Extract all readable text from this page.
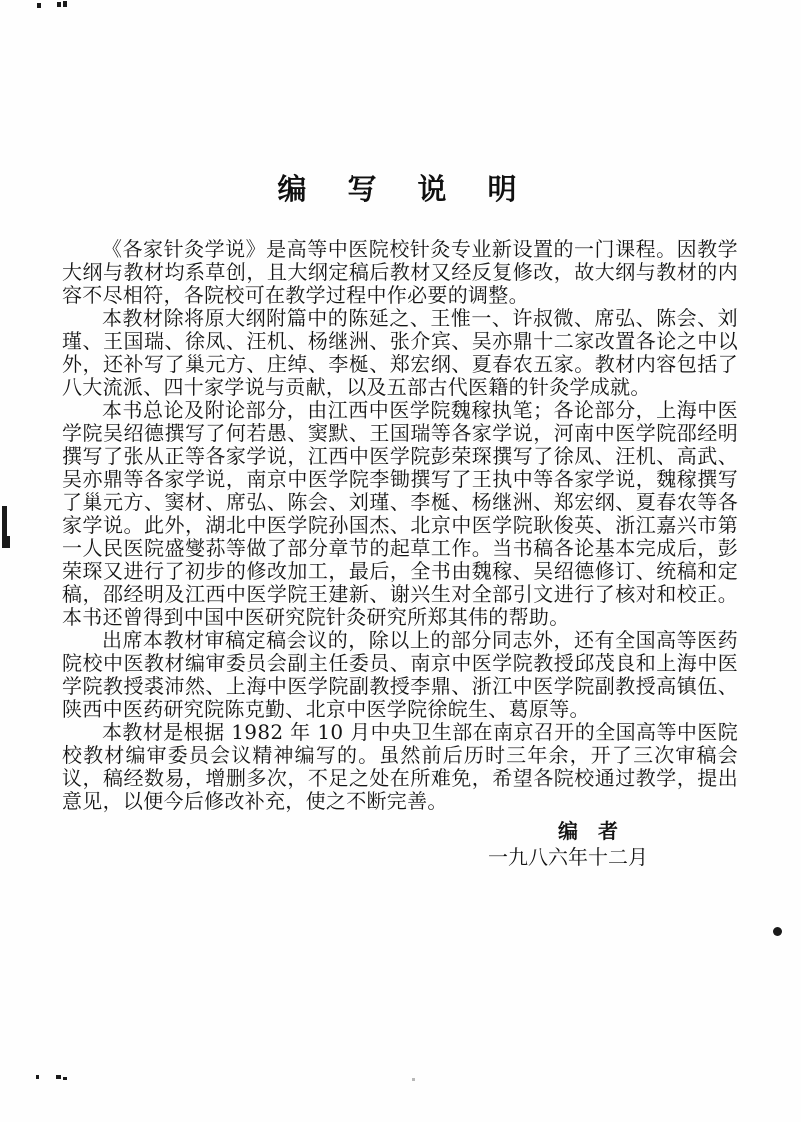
编　写　说　明

《各家针灸学说》是高等中医院校针灸专业新设置的一门课程。因教学大纲与教材均系草创，且大纲定稿后教材又经反复修改，故大纲与教材的内容不尽相符，各院校可在教学过程中作必要的调整。

本教材除将原大纲附篇中的陈延之、王惟一、许叔微、席弘、陈会、刘瑾、王国瑞、徐凤、汪机、杨继洲、张介宾、吴亦鼎十二家改置各论之中以外，还补写了巢元方、庄绰、李梴、郑宏纲、夏春农五家。教材内容包括了八大流派、四十家学说与贡献，以及五部古代医籍的针灸学成就。

本书总论及附论部分，由江西中医学院魏稼执笔；各论部分，上海中医学院吴绍德撰写了何若愚、窦默、王国瑞等各家学说，河南中医学院邵经明撰写了张从正等各家学说，江西中医学院彭荣琛撰写了徐凤、汪机、高武、吴亦鼎等各家学说，南京中医学院李锄撰写了王执中等各家学说，魏稼撰写了巢元方、窦材、席弘、陈会、刘瑾、李梴、杨继洲、郑宏纲、夏春农等各家学说。此外，湖北中医学院孙国杰、北京中医学院耿俊英、浙江嘉兴市第一人民医院盛燮荪等做了部分章节的起草工作。当书稿各论基本完成后，彭荣琛又进行了初步的修改加工，最后，全书由魏稼、吴绍德修订、统稿和定稿，邵经明及江西中医学院王建新、谢兴生对全部引文进行了核对和校正。本书还曾得到中国中医研究院针灸研究所郑其伟的帮助。

出席本教材审稿定稿会议的，除以上的部分同志外，还有全国高等医药院校中医教材编审委员会副主任委员、南京中医学院教授邱茂良和上海中医学院教授裘沛然、上海中医学院副教授李鼎、浙江中医学院副教授高镇伍、陕西中医药研究院陈克勤、北京中医学院徐皖生、葛原等。

本教材是根据 1982 年 10 月中央卫生部在南京召开的全国高等中医院校教材编审委员会议精神编写的。虽然前后历时三年余，开了三次审稿会议，稿经数易，增删多次，不足之处在所难免，希望各院校通过教学，提出意见，以便今后修改补充，使之不断完善。

编　者
一九八六年十二月
